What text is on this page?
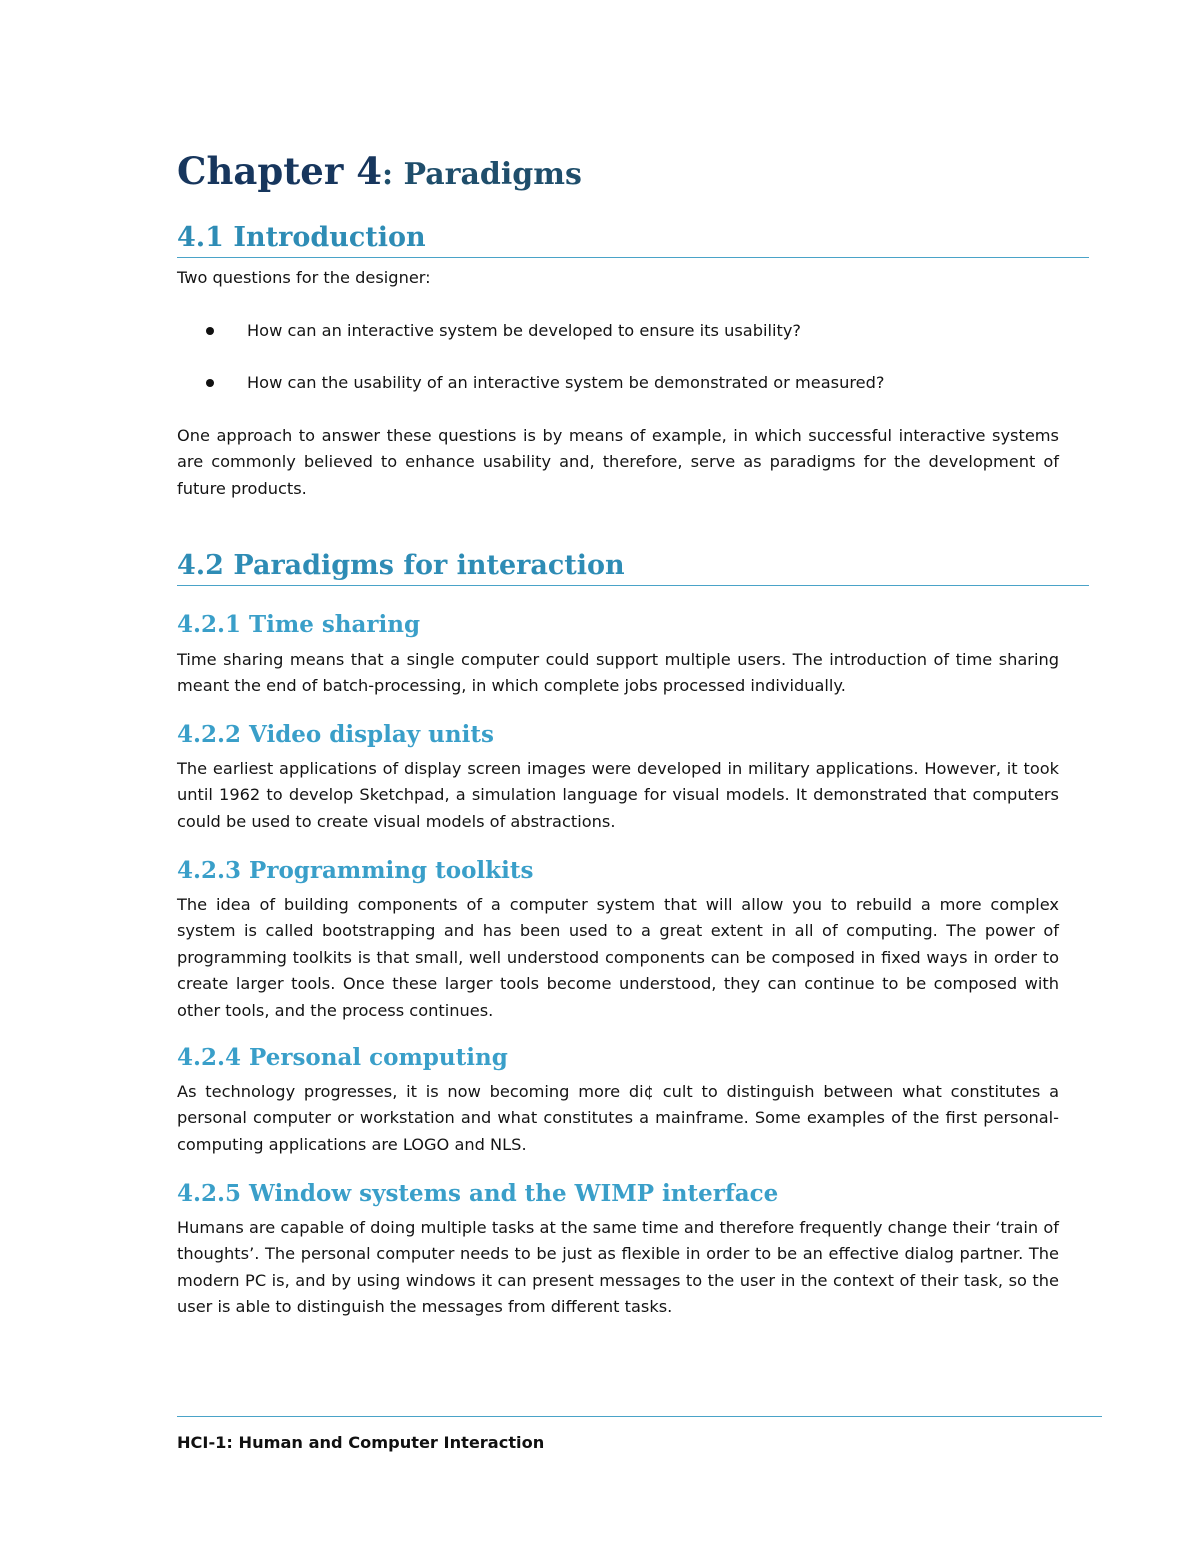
Chapter 4: Paradigms
4.1 Introduction

Two questions for the designer:

How can an interactive system be developed to ensure its usability?
How can the usability of an interactive system be demonstrated or measured?

One approach to answer these questions is by means of example, in which successful interactive systems are commonly believed to enhance usability and, therefore, serve as paradigms for the development of future products.

4.2 Paradigms for interaction
4.2.1 Time sharing

Time sharing means that a single computer could support multiple users. The introduction of time sharing meant the end of batch-processing, in which complete jobs processed individually.

4.2.2 Video display units

The earliest applications of display screen images were developed in military applications. However, it took until 1962 to develop Sketchpad, a simulation language for visual models. It demonstrated that computers could be used to create visual models of abstractions.

4.2.3 Programming toolkits

The idea of building components of a computer system that will allow you to rebuild a more complex system is called bootstrapping and has been used to a great extent in all of computing. The power of programming toolkits is that small, well understood components can be composed in fixed ways in order to create larger tools. Once these larger tools become understood, they can continue to be composed with other tools, and the process continues.

4.2.4 Personal computing

As technology progresses, it is now becoming more di¢ cult to distinguish between what constitutes a personal computer or workstation and what constitutes a mainframe. Some examples of the first personal-computing applications are LOGO and NLS.

4.2.5 Window systems and the WIMP interface

Humans are capable of doing multiple tasks at the same time and therefore frequently change their ‘train of thoughts’. The personal computer needs to be just as flexible in order to be an effective dialog partner. The modern PC is, and by using windows it can present messages to the user in the context of their task, so the user is able to distinguish the messages from different tasks.

HCI-1: Human and Computer Interaction
